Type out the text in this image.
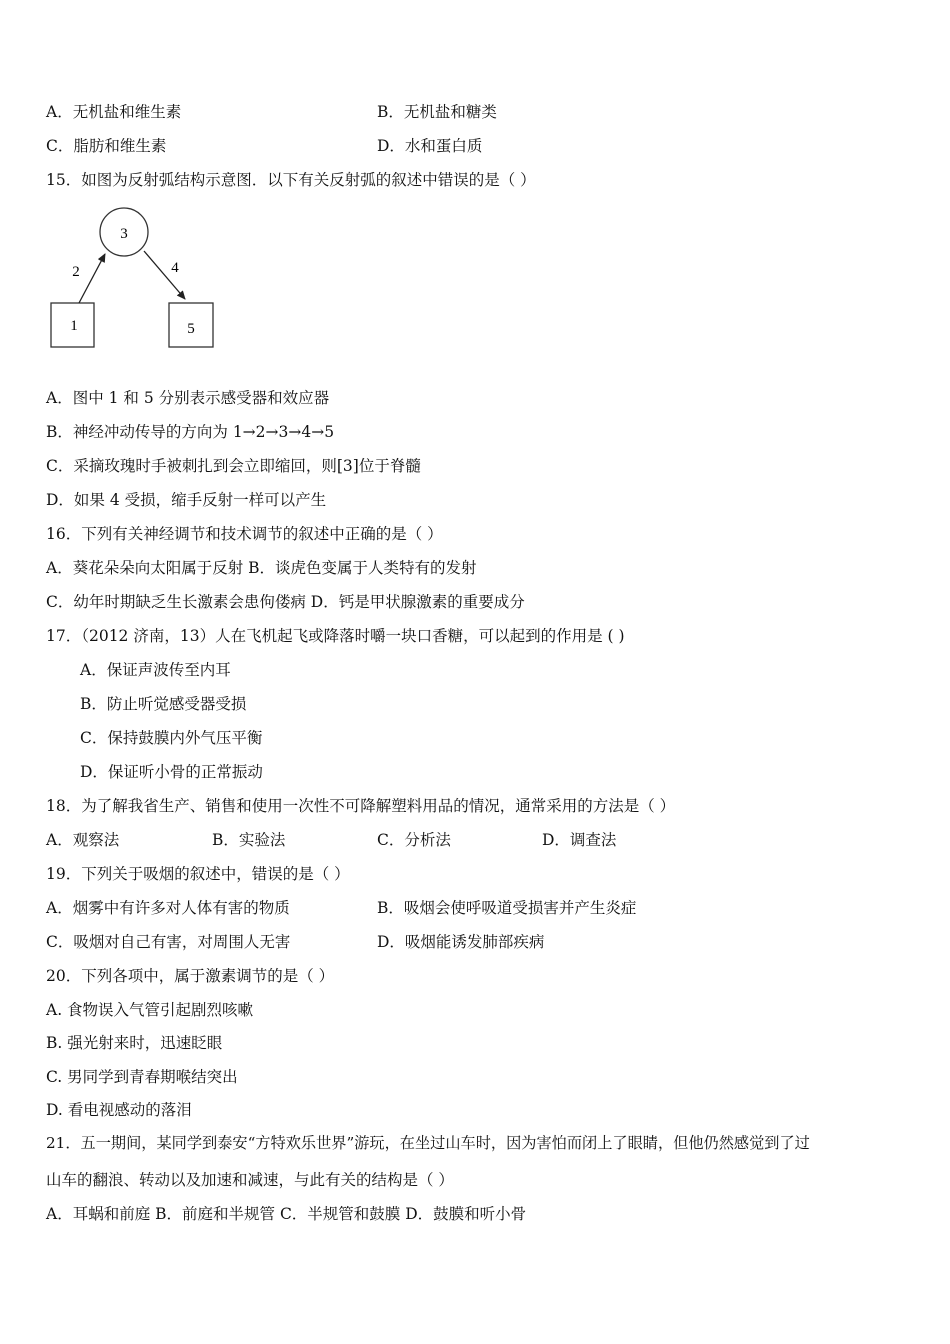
A．无机盐和维生素	B．无机盐和糖类
C．脂肪和维生素	D．水和蛋白质
15．如图为反射弧结构示意图．以下有关反射弧的叙述中错误的是（ ）
3
1	5
2	4
A．图中 1 和 5 分别表示感受器和效应器
B．神经冲动传导的方向为 1→2→3→4→5
C．采摘玫瑰时手被刺扎到会立即缩回，则[3]位于脊髓
D．如果 4 受损，缩手反射一样可以产生
16．下列有关神经调节和技术调节的叙述中正确的是（ ）
A．葵花朵朵向太阳属于反射 B．谈虎色变属于人类特有的发射
C．幼年时期缺乏生长激素会患佝偻病 D．钙是甲状腺激素的重要成分
17．（2012 济南，13）人在飞机起飞或降落时嚼一块口香糖，可以起到的作用是 ( )
A．保证声波传至内耳
B．防止听觉感受器受损
C．保持鼓膜内外气压平衡
D．保证听小骨的正常振动
18．为了解我省生产、销售和使用一次性不可降解塑料用品的情况，通常采用的方法是（ ）
A．观察法	B．实验法	C．分析法	D．调查法
19．下列关于吸烟的叙述中，错误的是（ ）
A．烟雾中有许多对人体有害的物质	B．吸烟会使呼吸道受损害并产生炎症
C．吸烟对自己有害，对周围人无害	D．吸烟能诱发肺部疾病
20．下列各项中，属于激素调节的是（ ）
A. 食物误入气管引起剧烈咳嗽
B. 强光射来时，迅速眨眼
C. 男同学到青春期喉结突出
D. 看电视感动的落泪
21．五一期间，某同学到泰安“方特欢乐世界”游玩，在坐过山车时，因为害怕而闭上了眼睛，但他仍然感觉到了过
山车的翻浪、转动以及加速和减速，与此有关的结构是（ ）
A．耳蜗和前庭 B．前庭和半规管 C．半规管和鼓膜 D．鼓膜和听小骨
